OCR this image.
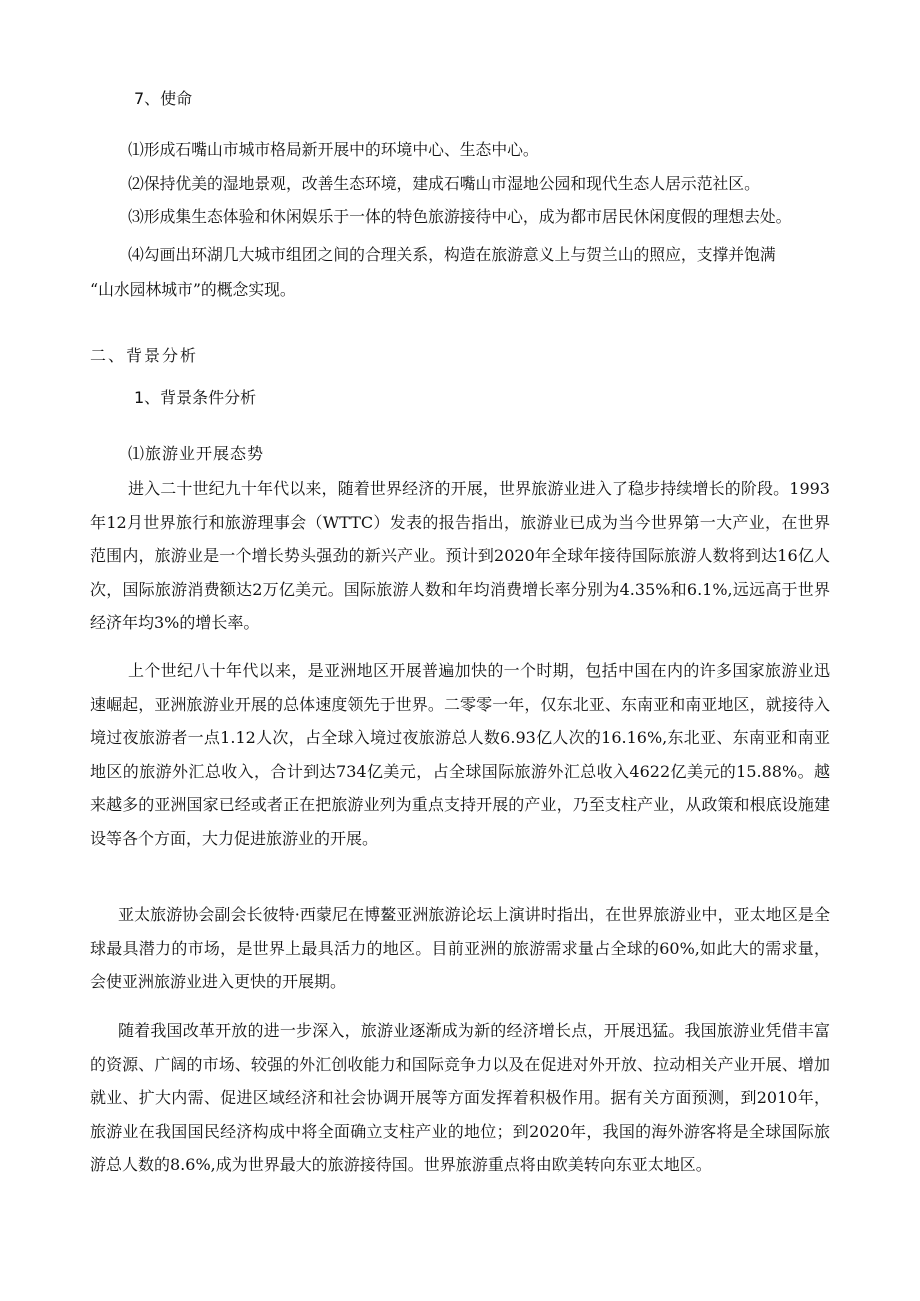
7、使命
⑴形成石嘴山市城市格局新开展中的环境中心、生态中心。
⑵保持优美的湿地景观，改善生态环境，建成石嘴山市湿地公园和现代生态人居示范社区。
⑶形成集生态体验和休闲娱乐于一体的特色旅游接待中心，成为都市居民休闲度假的理想去处。
⑷勾画出环湖几大城市组团之间的合理关系，构造在旅游意义上与贺兰山的照应，支撑并饱满
“山水园林城市”的概念实现。
二、背景分析
1、背景条件分析
⑴旅游业开展态势

进入二十世纪九十年代以来，随着世界经济的开展，世界旅游业进入了稳步持续增长的阶段。1993年12月世界旅行和旅游理事会（WTTC）发表的报告指出，旅游业已成为当今世界第一大产业，在世界范围内，旅游业是一个增长势头强劲的新兴产业。预计到2020年全球年接待国际旅游人数将到达16亿人次，国际旅游消费额达2万亿美元。国际旅游人数和年均消费增长率分别为4.35%和6.1%,远远高于世界经济年均3%的增长率。

上个世纪八十年代以来，是亚洲地区开展普遍加快的一个时期，包括中国在内的许多国家旅游业迅速崛起，亚洲旅游业开展的总体速度领先于世界。二零零一年，仅东北亚、东南亚和南亚地区，就接待入境过夜旅游者一点1.12人次，占全球入境过夜旅游总人数6.93亿人次的16.16%,东北亚、东南亚和南亚地区的旅游外汇总收入，合计到达734亿美元，占全球国际旅游外汇总收入4622亿美元的15.88%。越来越多的亚洲国家已经或者正在把旅游业列为重点支持开展的产业，乃至支柱产业，从政策和根底设施建设等各个方面，大力促进旅游业的开展。

亚太旅游协会副会长彼特·西蒙尼在博鳌亚洲旅游论坛上演讲时指出，在世界旅游业中，亚太地区是全球最具潜力的市场，是世界上最具活力的地区。目前亚洲的旅游需求量占全球的60%,如此大的需求量，会使亚洲旅游业进入更快的开展期。

随着我国改革开放的进一步深入，旅游业逐渐成为新的经济增长点，开展迅猛。我国旅游业凭借丰富的资源、广阔的市场、较强的外汇创收能力和国际竞争力以及在促进对外开放、拉动相关产业开展、增加就业、扩大内需、促进区域经济和社会协调开展等方面发挥着积极作用。据有关方面预测，到2010年，旅游业在我国国民经济构成中将全面确立支柱产业的地位；到2020年，我国的海外游客将是全球国际旅游总人数的8.6%,成为世界最大的旅游接待国。世界旅游重点将由欧美转向东亚太地区。
